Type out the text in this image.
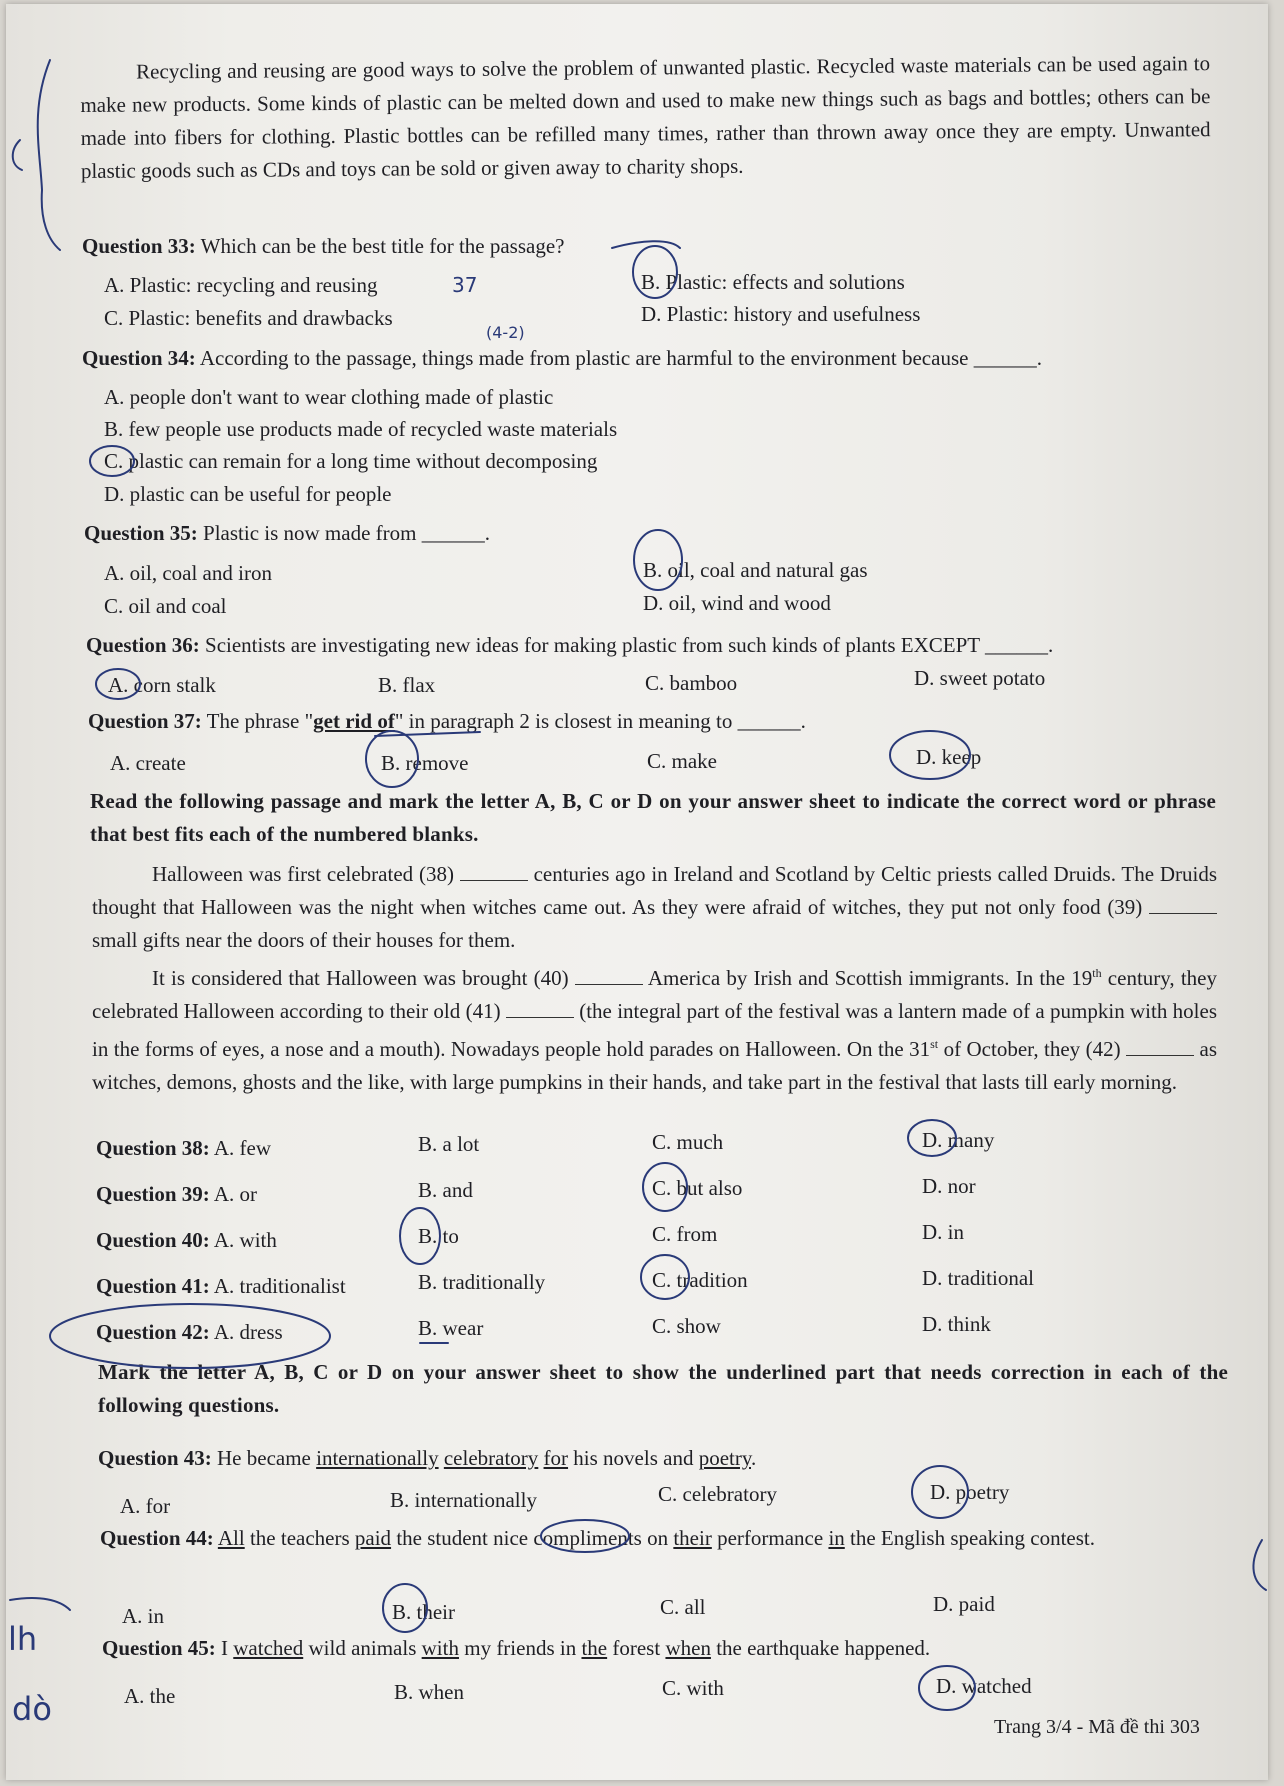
Recycling and reusing are good ways to solve the problem of unwanted plastic. Recycled waste materials can be used again to make new products. Some kinds of plastic can be melted down and used to make new things such as bags and bottles; others can be made into fibers for clothing. Plastic bottles can be refilled many times, rather than thrown away once they are empty. Unwanted plastic goods such as CDs and toys can be sold or given away to charity shops.

Question 33: Which can be the best title for the passage?
A. Plastic: recycling and reusing	B. Plastic: effects and solutions
C. Plastic: benefits and drawbacks	D. Plastic: history and usefulness
Question 34: According to the passage, things made from plastic are harmful to the environment because ______.
A. people don't want to wear clothing made of plastic
B. few people use products made of recycled waste materials
C. plastic can remain for a long time without decomposing
D. plastic can be useful for people
Question 35: Plastic is now made from ______.
A. oil, coal and iron	B. oil, coal and natural gas
C. oil and coal	D. oil, wind and wood
Question 36: Scientists are investigating new ideas for making plastic from such kinds of plants EXCEPT ______.
A. corn stalk	B. flax	C. bamboo	D. sweet potato
Question 37: The phrase "get rid of" in paragraph 2 is closest in meaning to ______.
A. create	B. remove	C. make	D. keep

Read the following passage and mark the letter A, B, C or D on your answer sheet to indicate the correct word or phrase that best fits each of the numbered blanks.

Halloween was first celebrated (38)	centuries ago in Ireland and Scotland by Celtic priests called Druids. The Druids thought that Halloween was the night when witches came out. As they were afraid of witches, they put not only food (39)  small gifts near the doors of their houses for them.
It is considered that Halloween was brought (40)	America by Irish and Scottish immigrants. In the 19th century, they celebrated Halloween according to their old (41)	(the integral part of the festival was a lantern made of a pumpkin with holes in the forms of eyes, a nose and a mouth). Nowadays people hold parades on Halloween. On the 31st of October, they (42)	as witches, demons, ghosts and the like, with large pumpkins in their hands, and take part in the festival that lasts till early morning.
Question 38: A. few	B. a lot	C. much	D. many
Question 39: A. or	B. and	C. but also	D. nor
Question 40: A. with	B. to	C. from	D. in
Question 41: A. traditionalist	B. traditionally	C. tradition	D. traditional
Question 42: A. dress	B. wear	C. show	D. think

Mark the letter A, B, C or D on your answer sheet to show the underlined part that needs correction in each of the following questions.

Question 43: He became internationally celebratory for his novels and poetry.
A. for	B. internationally	C. celebratory	D. poetry
Question 44: All the teachers paid the student nice compliments on their performance in the English speaking contest.
A. in	B. their	C. all	D. paid
Question 45: I watched wild animals with my friends in the forest when the earthquake happened.
A. the	B. when	C. with	D. watched
Trang 3/4 - Mã đề thi 303
37
(4-2)
lh
dò
